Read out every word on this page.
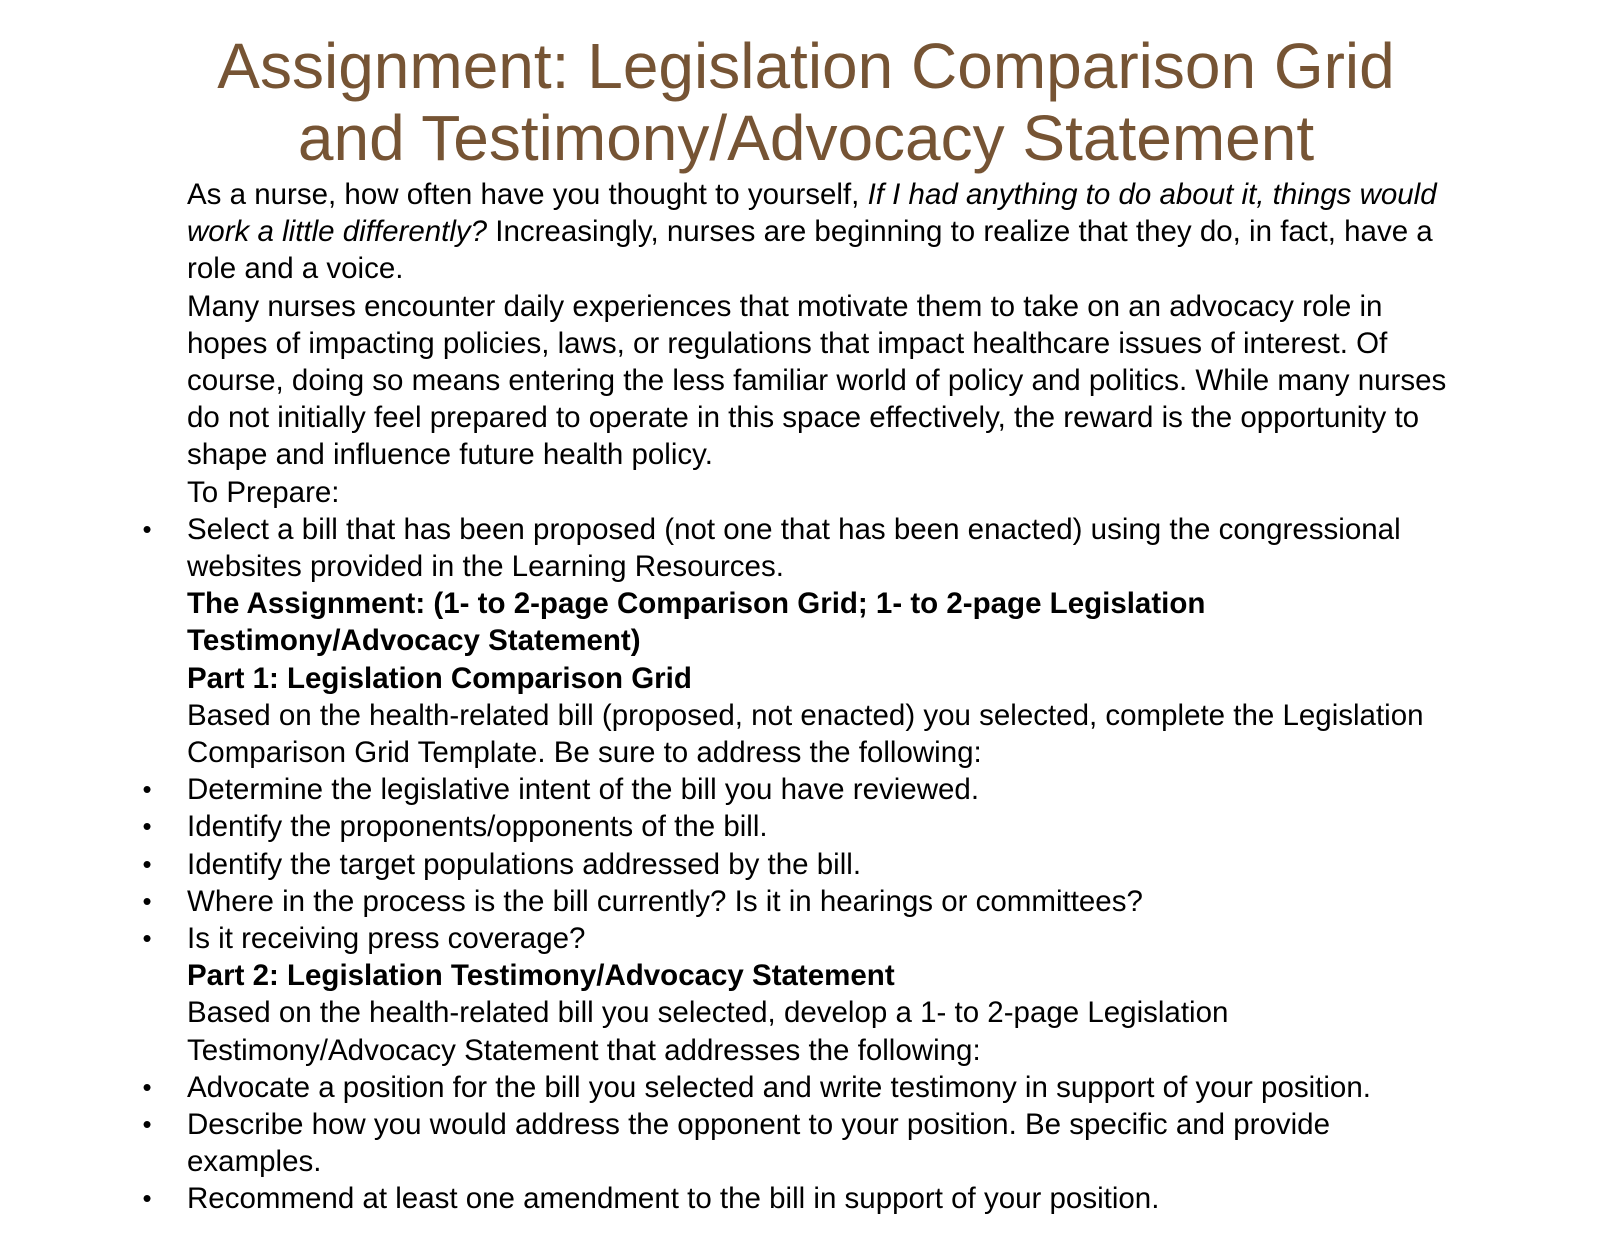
Assignment: Legislation Comparison Grid
and Testimony/Advocacy Statement

As a nurse, how often have you thought to yourself, If I had anything to do about it, things would work a little differently? Increasingly, nurses are beginning to realize that they do, in fact, have a role and a voice.

Many nurses encounter daily experiences that motivate them to take on an advocacy role in hopes of impacting policies, laws, or regulations that impact healthcare issues of interest. Of course, doing so means entering the less familiar world of policy and politics. While many nurses do not initially feel prepared to operate in this space effectively, the reward is the opportunity to shape and influence future health policy.

To Prepare:

• Select a bill that has been proposed (not one that has been enacted) using the congressional websites provided in the Learning Resources.

The Assignment: (1- to 2-page Comparison Grid; 1- to 2-page Legislation Testimony/Advocacy Statement)

Part 1: Legislation Comparison Grid

Based on the health-related bill (proposed, not enacted) you selected, complete the Legislation Comparison Grid Template. Be sure to address the following:

• Determine the legislative intent of the bill you have reviewed.
• Identify the proponents/opponents of the bill.
• Identify the target populations addressed by the bill.
• Where in the process is the bill currently? Is it in hearings or committees?
• Is it receiving press coverage?

Part 2: Legislation Testimony/Advocacy Statement

Based on the health-related bill you selected, develop a 1- to 2-page Legislation Testimony/Advocacy Statement that addresses the following:

• Advocate a position for the bill you selected and write testimony in support of your position.
• Describe how you would address the opponent to your position. Be specific and provide examples.
• Recommend at least one amendment to the bill in support of your position.
